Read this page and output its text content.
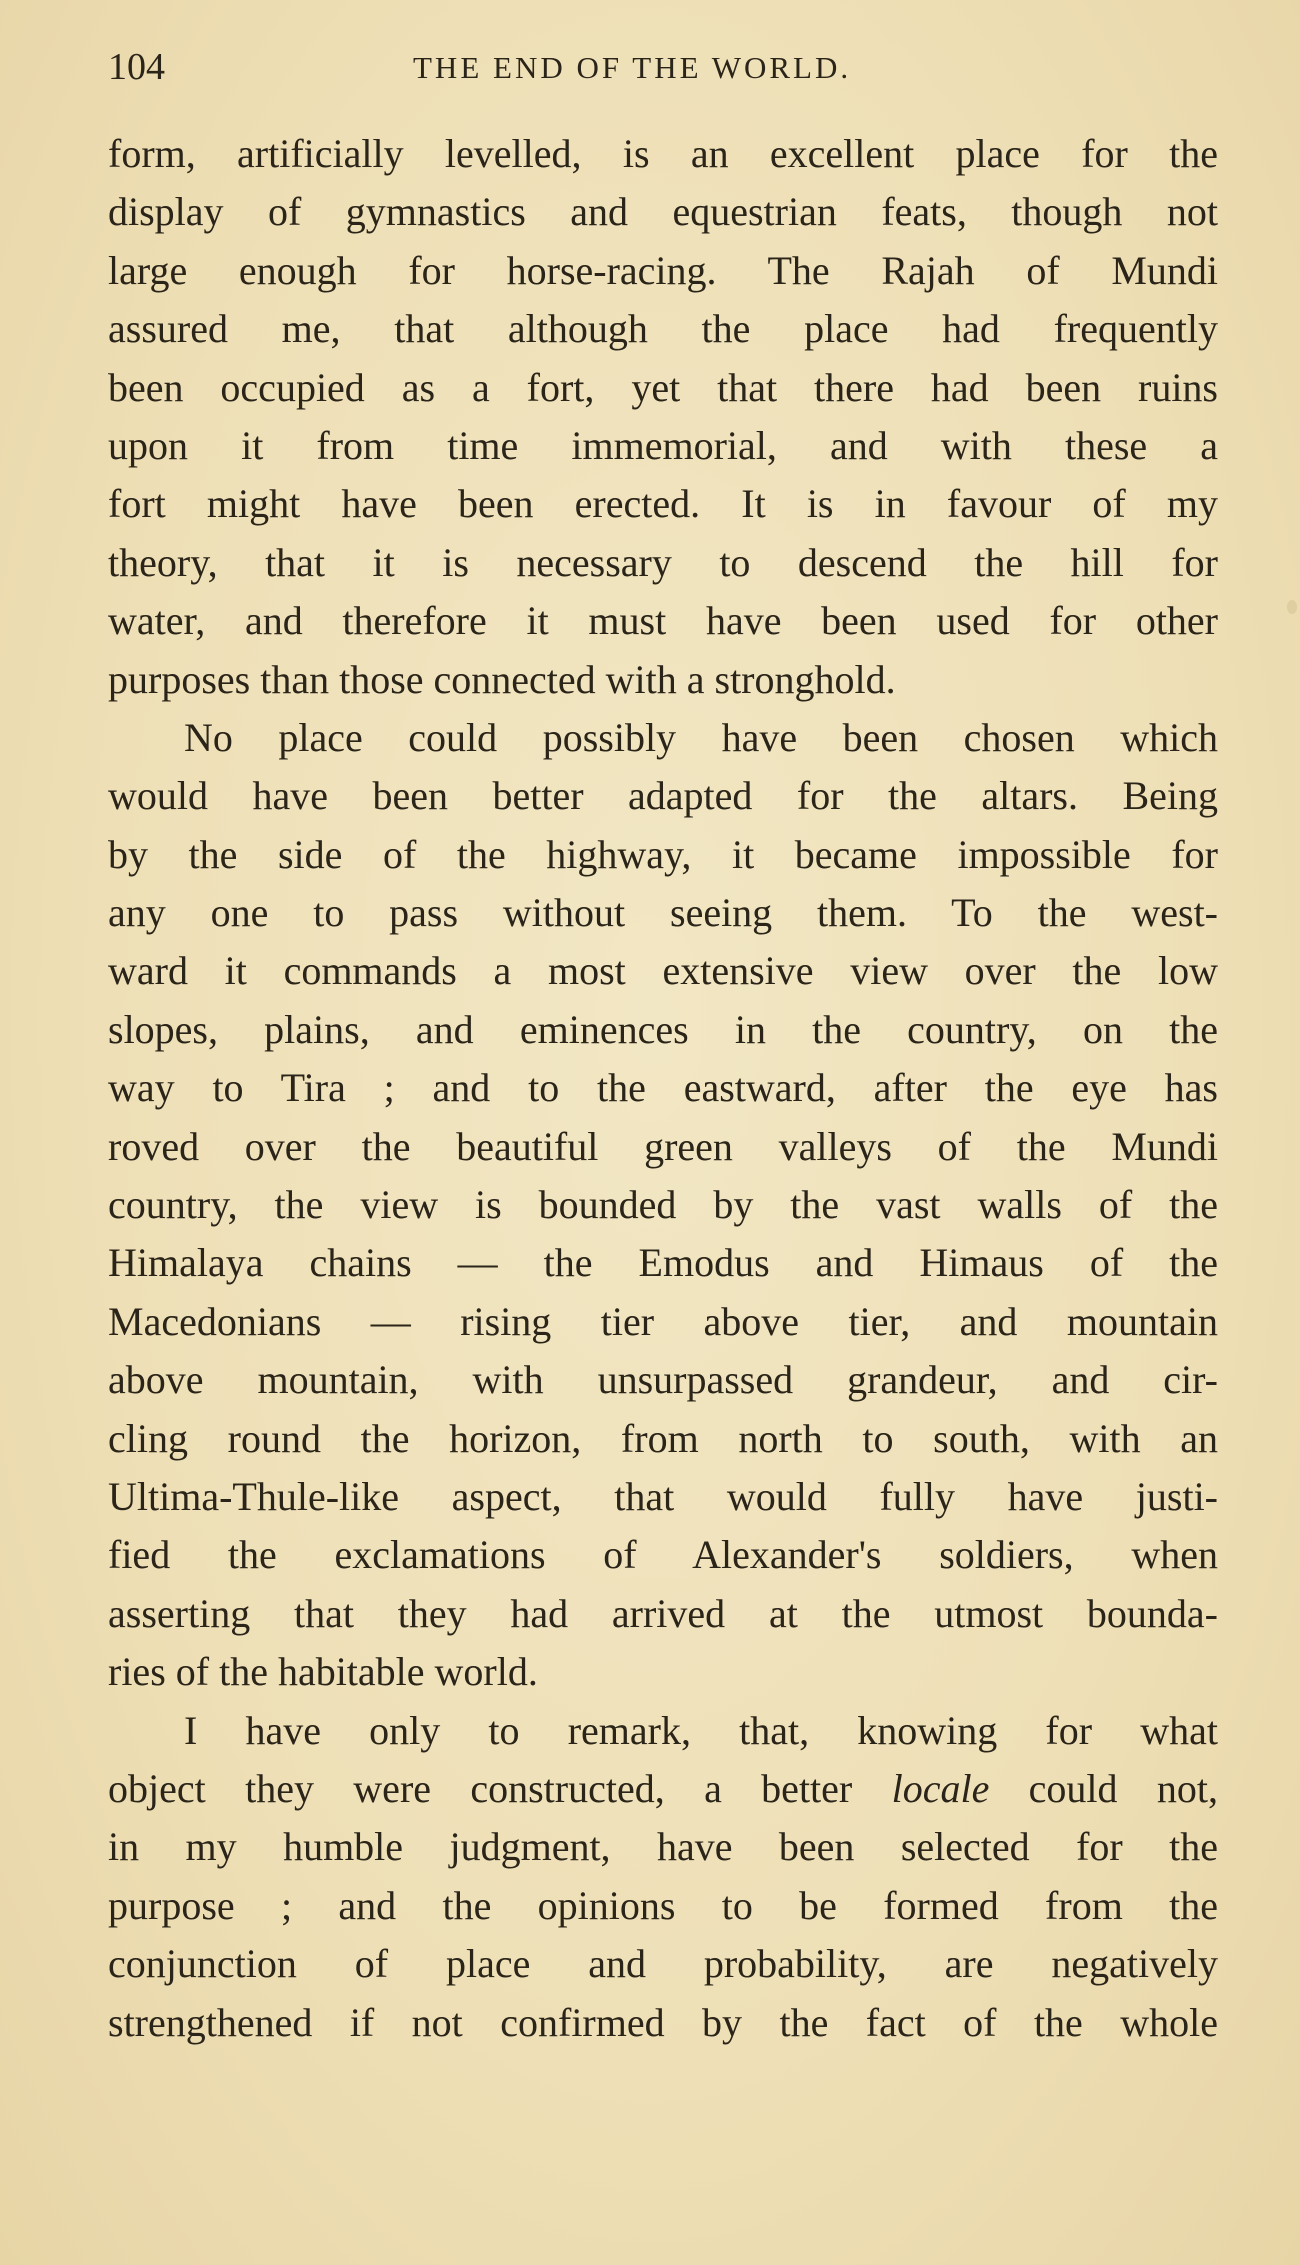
104	THE END OF THE WORLD.
form, artificially levelled, is an excellent place for the
display of gymnastics and equestrian feats, though not
large enough for horse-racing. The Rajah of Mundi
assured me, that although the place had frequently
been occupied as a fort, yet that there had been ruins
upon it from time immemorial, and with these a
fort might have been erected. It is in favour of my
theory, that it is necessary to descend the hill for
water, and therefore it must have been used for other
purposes than those connected with a stronghold.
No place could possibly have been chosen which
would have been better adapted for the altars. Being
by the side of the highway, it became impossible for
any one to pass without seeing them. To the west-
ward it commands a most extensive view over the low
slopes, plains, and eminences in the country, on the
way to Tira ; and to the eastward, after the eye has
roved over the beautiful green valleys of the Mundi
country, the view is bounded by the vast walls of the
Himalaya chains — the Emodus and Himaus of the
Macedonians — rising tier above tier, and mountain
above mountain, with unsurpassed grandeur, and cir-
cling round the horizon, from north to south, with an
Ultima-Thule-like aspect, that would fully have justi-
fied the exclamations of Alexander's soldiers, when
asserting that they had arrived at the utmost bounda-
ries of the habitable world.
I have only to remark, that, knowing for what
object they were constructed, a better locale could not,
in my humble judgment, have been selected for the
purpose ; and the opinions to be formed from the
conjunction of place and probability, are negatively
strengthened if not confirmed by the fact of the whole
